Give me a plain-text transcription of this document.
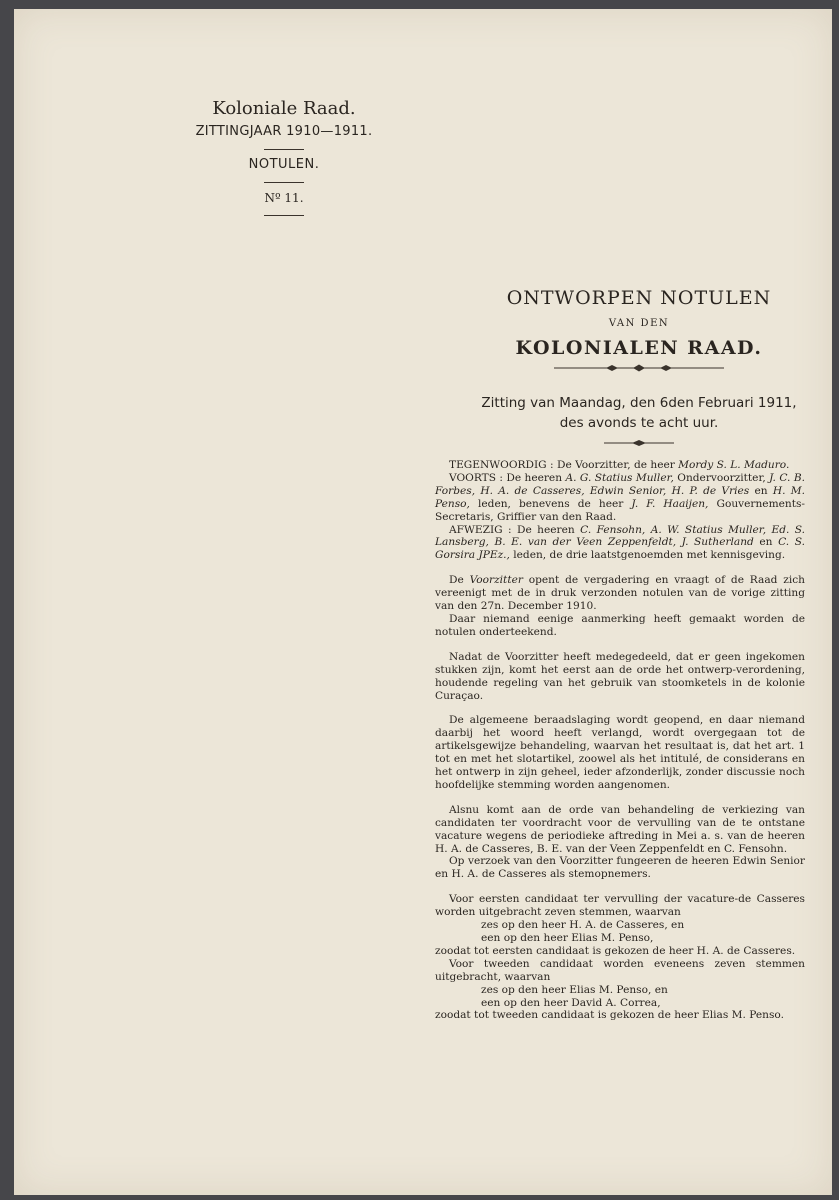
Koloniale Raad.
ZITTINGJAAR 1910—1911.
NOTULEN.
Nº 11.
ONTWORPEN NOTULEN
VAN DEN
KOLONIALEN RAAD.
Zitting van Maandag, den 6den Februari 1911,
des avonds te acht uur.

TEGENWOORDIG : De Voorzitter, de heer Mordy S. L. Maduro.

VOORTS : De heeren A. G. Statius Muller, Ondervoorzitter, J. C. B. Forbes, H. A. de Casseres, Edwin Senior, H. P. de Vries en H. M. Penso, leden, benevens de heer J. F. Haaijen, Gouvernements-Secretaris, Griffier van den Raad.

AFWEZIG : De heeren C. Fensohn, A. W. Statius Muller, Ed. S. Lansberg, B. E. van der Veen Zeppenfeldt, J. Sutherland en C. S. Gorsira JPEz., leden, de drie laatstgenoemden met kennisgeving.

De Voorzitter opent de vergadering en vraagt of de Raad zich vereenigt met de in druk verzonden notulen van de vorige zitting van den 27n. December 1910.

Daar niemand eenige aanmerking heeft gemaakt worden de notulen onderteekend.

Nadat de Voorzitter heeft medegedeeld, dat er geen ingekomen stukken zijn, komt het eerst aan de orde het ontwerp-verordening, houdende regeling van het gebruik van stoomketels in de kolonie Curaçao.

De algemeene beraadslaging wordt geopend, en daar niemand daarbij het woord heeft verlangd, wordt overgegaan tot de artikelsgewijze behandeling, waarvan het resultaat is, dat het art. 1 tot en met het slotartikel, zoowel als het intitulé, de considerans en het ontwerp in zijn geheel, ieder afzonderlijk, zonder discussie noch hoofdelijke stemming worden aangenomen.

Alsnu komt aan de orde van behandeling de verkiezing van candidaten ter voordracht voor de vervulling van de te ontstane vacature wegens de periodieke aftreding in Mei a. s. van de heeren H. A. de Casseres, B. E. van der Veen Zeppenfeldt en C. Fensohn.

Op verzoek van den Voorzitter fungeeren de heeren Edwin Senior en H. A. de Casseres als stemopnemers.

Voor eersten candidaat ter vervulling der vacature-de Casseres worden uitgebracht zeven stemmen, waarvan

zes op den heer H. A. de Casseres, en

een op den heer Elias M. Penso,

zoodat tot eersten candidaat is gekozen de heer H. A. de Casseres.

Voor tweeden candidaat worden eveneens zeven stemmen uitgebracht, waarvan

zes op den heer Elias M. Penso, en

een op den heer David A. Correa,

zoodat tot tweeden candidaat is gekozen de heer Elias M. Penso.
